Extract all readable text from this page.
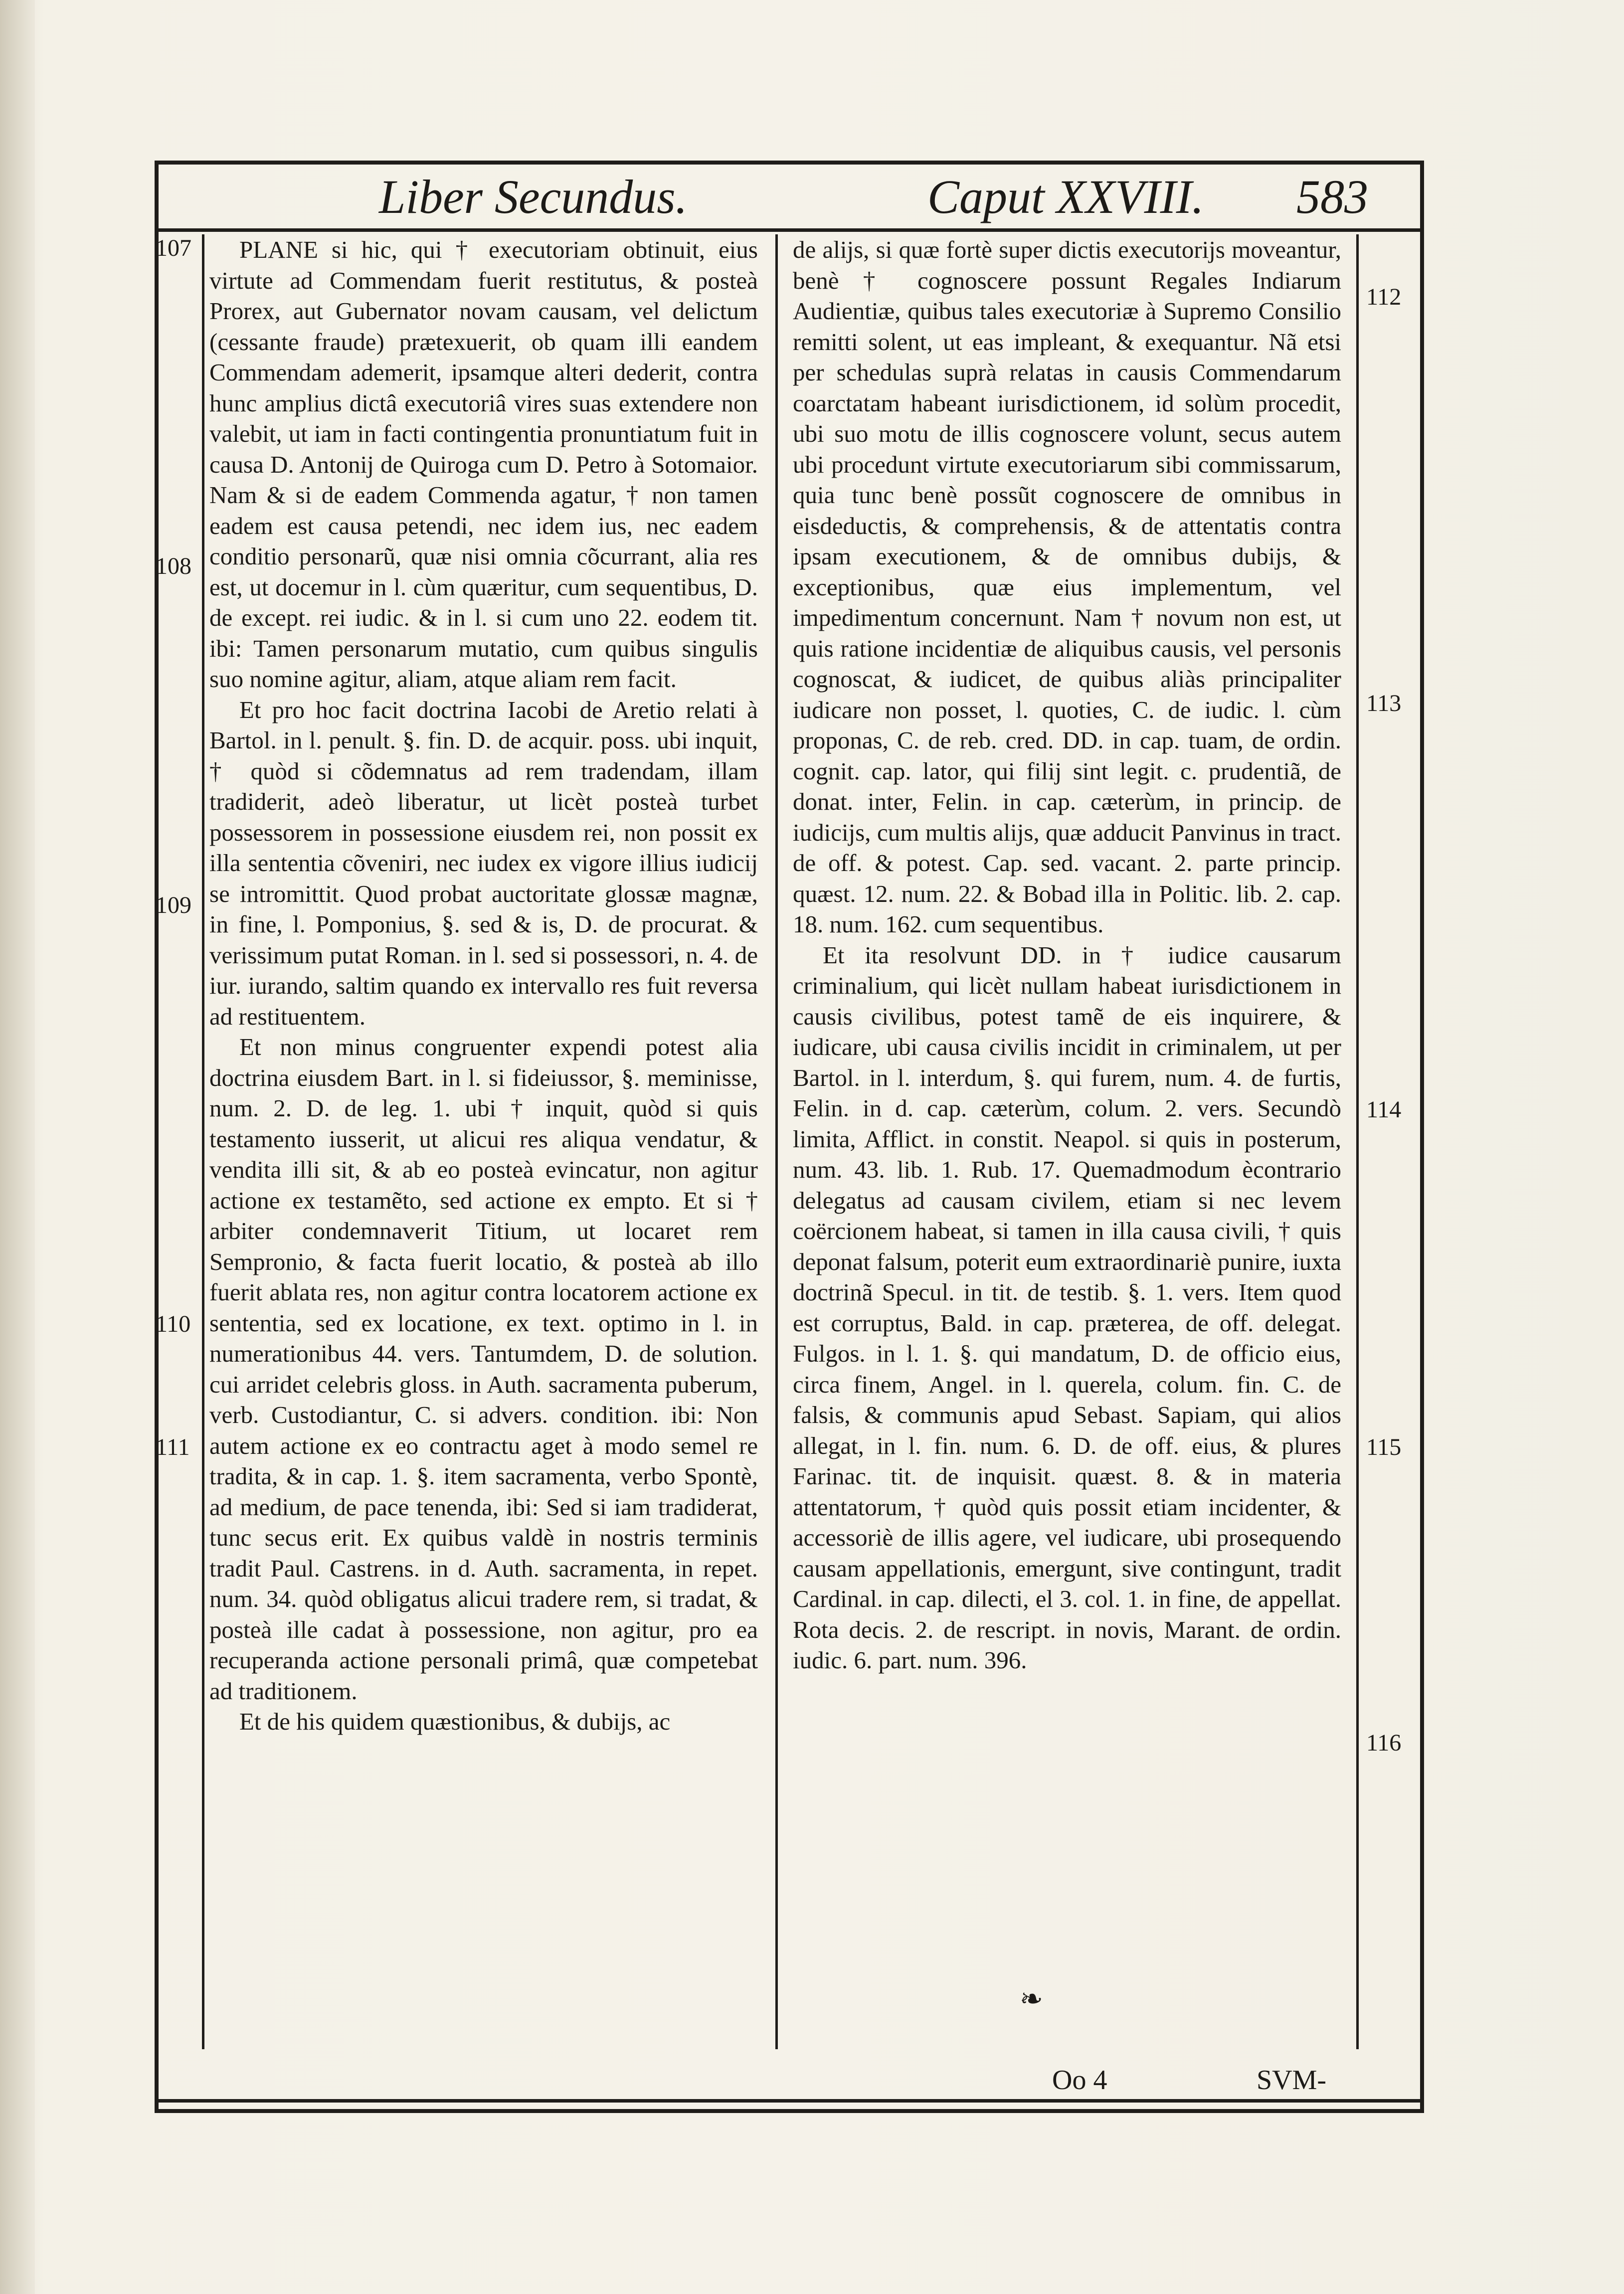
Liber Secundus.	Caput XXVIII. 583
107
108
109
110
111
112
113
114
115
116

PLANE si hic, qui † executoriam obtinuit, eius virtute ad Commendam fuerit restitutus, & posteà Prorex, aut Gubernator novam causam, vel delictum (cessante fraude) prætexuerit, ob quam illi eandem Commendam ademerit, ipsamque alteri dederit, contra hunc amplius dictâ executoriâ vires suas extendere non valebit, ut iam in facti contingentia pronuntiatum fuit in causa D. Antonij de Quiroga cum D. Petro à Sotomaior. Nam & si de eadem Commenda agatur, † non tamen eadem est causa petendi, nec idem ius, nec eadem conditio personarũ, quæ nisi omnia cõcurrant, alia res est, ut docemur in l. cùm quæritur, cum sequentibus, D. de except. rei iudic. & in l. si cum uno 22. eodem tit. ibi: Tamen personarum mutatio, cum quibus singulis suo nomine agitur, aliam, atque aliam rem facit.

Et pro hoc facit doctrina Iacobi de Aretio relati à Bartol. in l. penult. §. fin. D. de acquir. poss. ubi inquit, † quòd si cõdemnatus ad rem tradendam, illam tradiderit, adeò liberatur, ut licèt posteà turbet possessorem in possessione eiusdem rei, non possit ex illa sententia cõveniri, nec iudex ex vigore illius iudicij se intromittit. Quod probat auctoritate glossæ magnæ, in fine, l. Pomponius, §. sed & is, D. de procurat. & verissimum putat Roman. in l. sed si possessori, n. 4. de iur. iurando, saltim quando ex intervallo res fuit reversa ad restituentem.

Et non minus congruenter expendi potest alia doctrina eiusdem Bart. in l. si fideiussor, §. meminisse, num. 2. D. de leg. 1. ubi † inquit, quòd si quis testamento iusserit, ut alicui res aliqua vendatur, & vendita illi sit, & ab eo posteà evincatur, non agitur actione ex testamẽto, sed actione ex empto. Et si † arbiter condemnaverit Titium, ut locaret rem Sempronio, & facta fuerit locatio, & posteà ab illo fuerit ablata res, non agitur contra locatorem actione ex sententia, sed ex locatione, ex text. optimo in l. in numerationibus 44. vers. Tantumdem, D. de solution. cui arridet celebris gloss. in Auth. sacramenta puberum, verb. Custodiantur, C. si advers. condition. ibi: Non autem actione ex eo contractu aget à modo semel re tradita, & in cap. 1. §. item sacramenta, verbo Spontè, ad medium, de pace tenenda, ibi: Sed si iam tradiderat, tunc secus erit. Ex quibus valdè in nostris terminis tradit Paul. Castrens. in d. Auth. sacramenta, in repet. num. 34. quòd obligatus alicui tradere rem, si tradat, & posteà ille cadat à possessione, non agitur, pro ea recuperanda actione personali primâ, quæ competebat ad traditionem.

Et de his quidem quæstionibus, & dubijs, ac

de alijs, si quæ fortè super dictis executorijs moveantur, benè † cognoscere possunt Regales Indiarum Audientiæ, quibus tales executoriæ à Supremo Consilio remitti solent, ut eas impleant, & exequantur. Nã etsi per schedulas suprà relatas in causis Commendarum coarctatam habeant iurisdictionem, id solùm procedit, ubi suo motu de illis cognoscere volunt, secus autem ubi procedunt virtute executoriarum sibi commissarum, quia tunc benè possũt cognoscere de omnibus in eisdeductis, & comprehensis, & de attentatis contra ipsam executionem, & de omnibus dubijs, & exceptionibus, quæ eius implementum, vel impedimentum concernunt. Nam † novum non est, ut quis ratione incidentiæ de aliquibus causis, vel personis cognoscat, & iudicet, de quibus aliàs principaliter iudicare non posset, l. quoties, C. de iudic. l. cùm proponas, C. de reb. cred. DD. in cap. tuam, de ordin. cognit. cap. lator, qui filij sint legit. c. prudentiã, de donat. inter, Felin. in cap. cæterùm, in princip. de iudicijs, cum multis alijs, quæ adducit Panvinus in tract. de off. & potest. Cap. sed. vacant. 2. parte princip. quæst. 12. num. 22. & Bobad illa in Politic. lib. 2. cap. 18. num. 162. cum sequentibus.

Et ita resolvunt DD. in † iudice causarum criminalium, qui licèt nullam habeat iurisdictionem in causis civilibus, potest tamẽ de eis inquirere, & iudicare, ubi causa civilis incidit in criminalem, ut per Bartol. in l. interdum, §. qui furem, num. 4. de furtis, Felin. in d. cap. cæterùm, colum. 2. vers. Secundò limita, Afflict. in constit. Neapol. si quis in posterum, num. 43. lib. 1. Rub. 17. Quemadmodum ècontrario delegatus ad causam civilem, etiam si nec levem coërcionem habeat, si tamen in illa causa civili, † quis deponat falsum, poterit eum extraordinariè punire, iuxta doctrinã Specul. in tit. de testib. §. 1. vers. Item quod est corruptus, Bald. in cap. præterea, de off. delegat. Fulgos. in l. 1. §. qui mandatum, D. de officio eius, circa finem, Angel. in l. querela, colum. fin. C. de falsis, & communis apud Sebast. Sapiam, qui alios allegat, in l. fin. num. 6. D. de off. eius, & plures Farinac. tit. de inquisit. quæst. 8. & in materia attentatorum, † quòd quis possit etiam incidenter, & accessoriè de illis agere, vel iudicare, ubi prosequendo causam appellationis, emergunt, sive contingunt, tradit Cardinal. in cap. dilecti, el 3. col. 1. in fine, de appellat. Rota decis. 2. de rescript. in novis, Marant. de ordin. iudic. 6. part. num. 396.

❧
Oo 4	SVM-
